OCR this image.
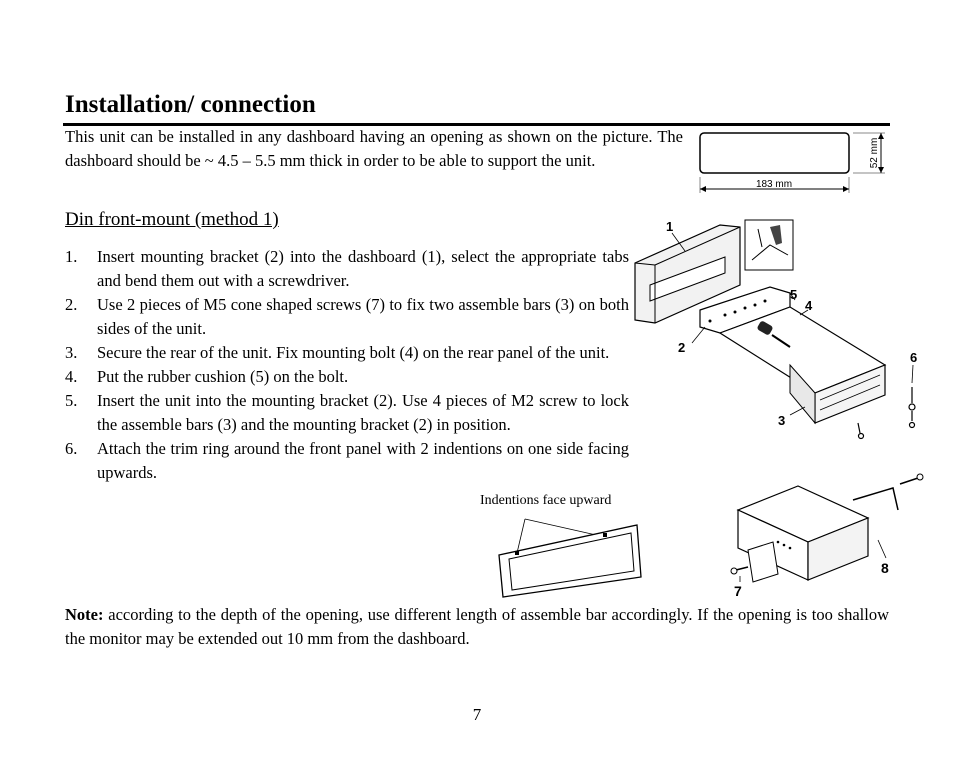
Installation/ connection

This unit can be installed in any dashboard having an opening as shown on the picture. The dashboard should be ~ 4.5 – 5.5 mm thick in order to be able to support the unit.

183 mm
52 mm
Din front-mount (method 1)
1. Insert mounting bracket (2) into the dashboard (1), select the appropriate tabs and bend them out with a screwdriver.
2. Use 2 pieces of M5 cone shaped screws (7) to fix two assemble bars (3) on both sides of the unit.
3. Secure the rear of the unit. Fix mounting bolt (4) on the rear panel of the unit.
4. Put the rubber cushion (5) on the bolt.
5. Insert the unit into the mounting bracket (2). Use 4 pieces of M2 screw to lock the assemble bars (3) and the mounting bracket (2) in position.
6. Attach the trim ring around the front panel with 2 indentions on one side facing upwards.
1
2
3
4
5
6

Indentions face upward

7
8

Note: according to the depth of the opening, use different length of assemble bar accordingly. If the opening is too shallow the monitor may be extended out 10 mm from the dashboard.

7
